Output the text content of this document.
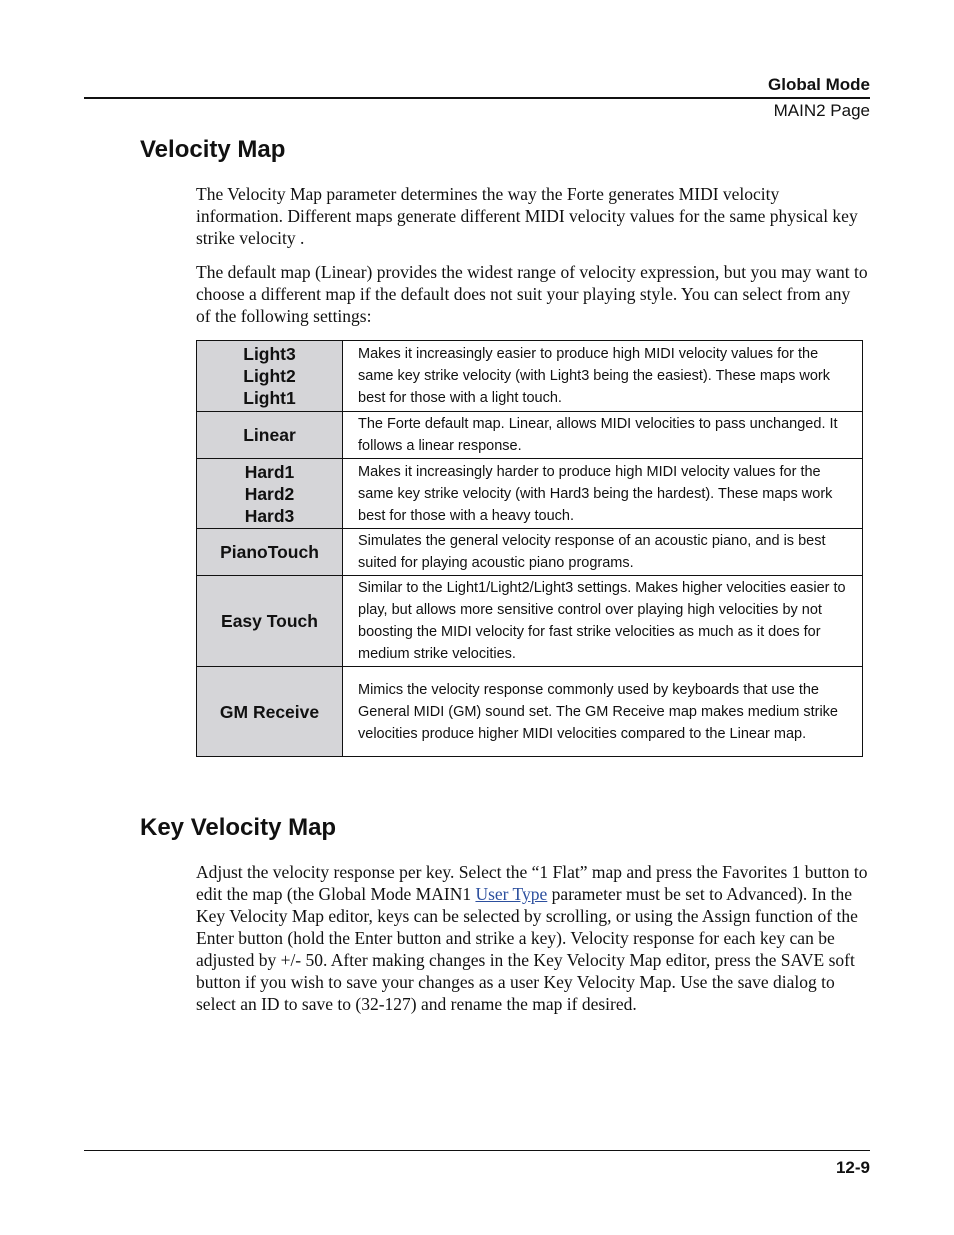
Global Mode
MAIN2 Page
Velocity Map

The Velocity Map parameter determines the way the Forte generates MIDI velocity information. Different maps generate different MIDI velocity values for the same physical key strike velocity .

The default map (Linear) provides the widest range of velocity expression, but you may want to choose a different map if the default does not suit your playing style. You can select from any of the following settings:

Light3
Light2
Light1	Makes it increasingly easier to produce high MIDI velocity values for the same key strike velocity (with Light3 being the easiest). These maps work best for those with a light touch.

Linear	The Forte default map. Linear, allows MIDI velocities to pass unchanged. It follows a linear response.

Hard1
Hard2
Hard3	Makes it increasingly harder to produce high MIDI velocity values for the same key strike velocity (with Hard3 being the hardest). These maps work best for those with a heavy touch.

PianoTouch	Simulates the general velocity response of an acoustic piano, and is best suited for playing acoustic piano programs.

Easy Touch	Similar to the Light1/Light2/Light3 settings. Makes higher velocities easier to play, but allows more sensitive control over playing high velocities by not boosting the MIDI velocity for fast strike velocities as much as it does for medium strike velocities.

GM Receive	Mimics the velocity response commonly used by keyboards that use the General MIDI (GM) sound set. The GM Receive map makes medium strike velocities produce higher MIDI velocities compared to the Linear map.
Key Velocity Map

Adjust the velocity response per key. Select the “1 Flat” map and press the Favorites 1 button to edit the map (the Global Mode MAIN1 User Type parameter must be set to Advanced). In the Key Velocity Map editor, keys can be selected by scrolling, or using the Assign function of the Enter button (hold the Enter button and strike a key). Velocity response for each key can be adjusted by +/- 50. After making changes in the Key Velocity Map editor, press the SAVE soft button if you wish to save your changes as a user Key Velocity Map. Use the save dialog to select an ID to save to (32-127) and rename the map if desired.

12-9
